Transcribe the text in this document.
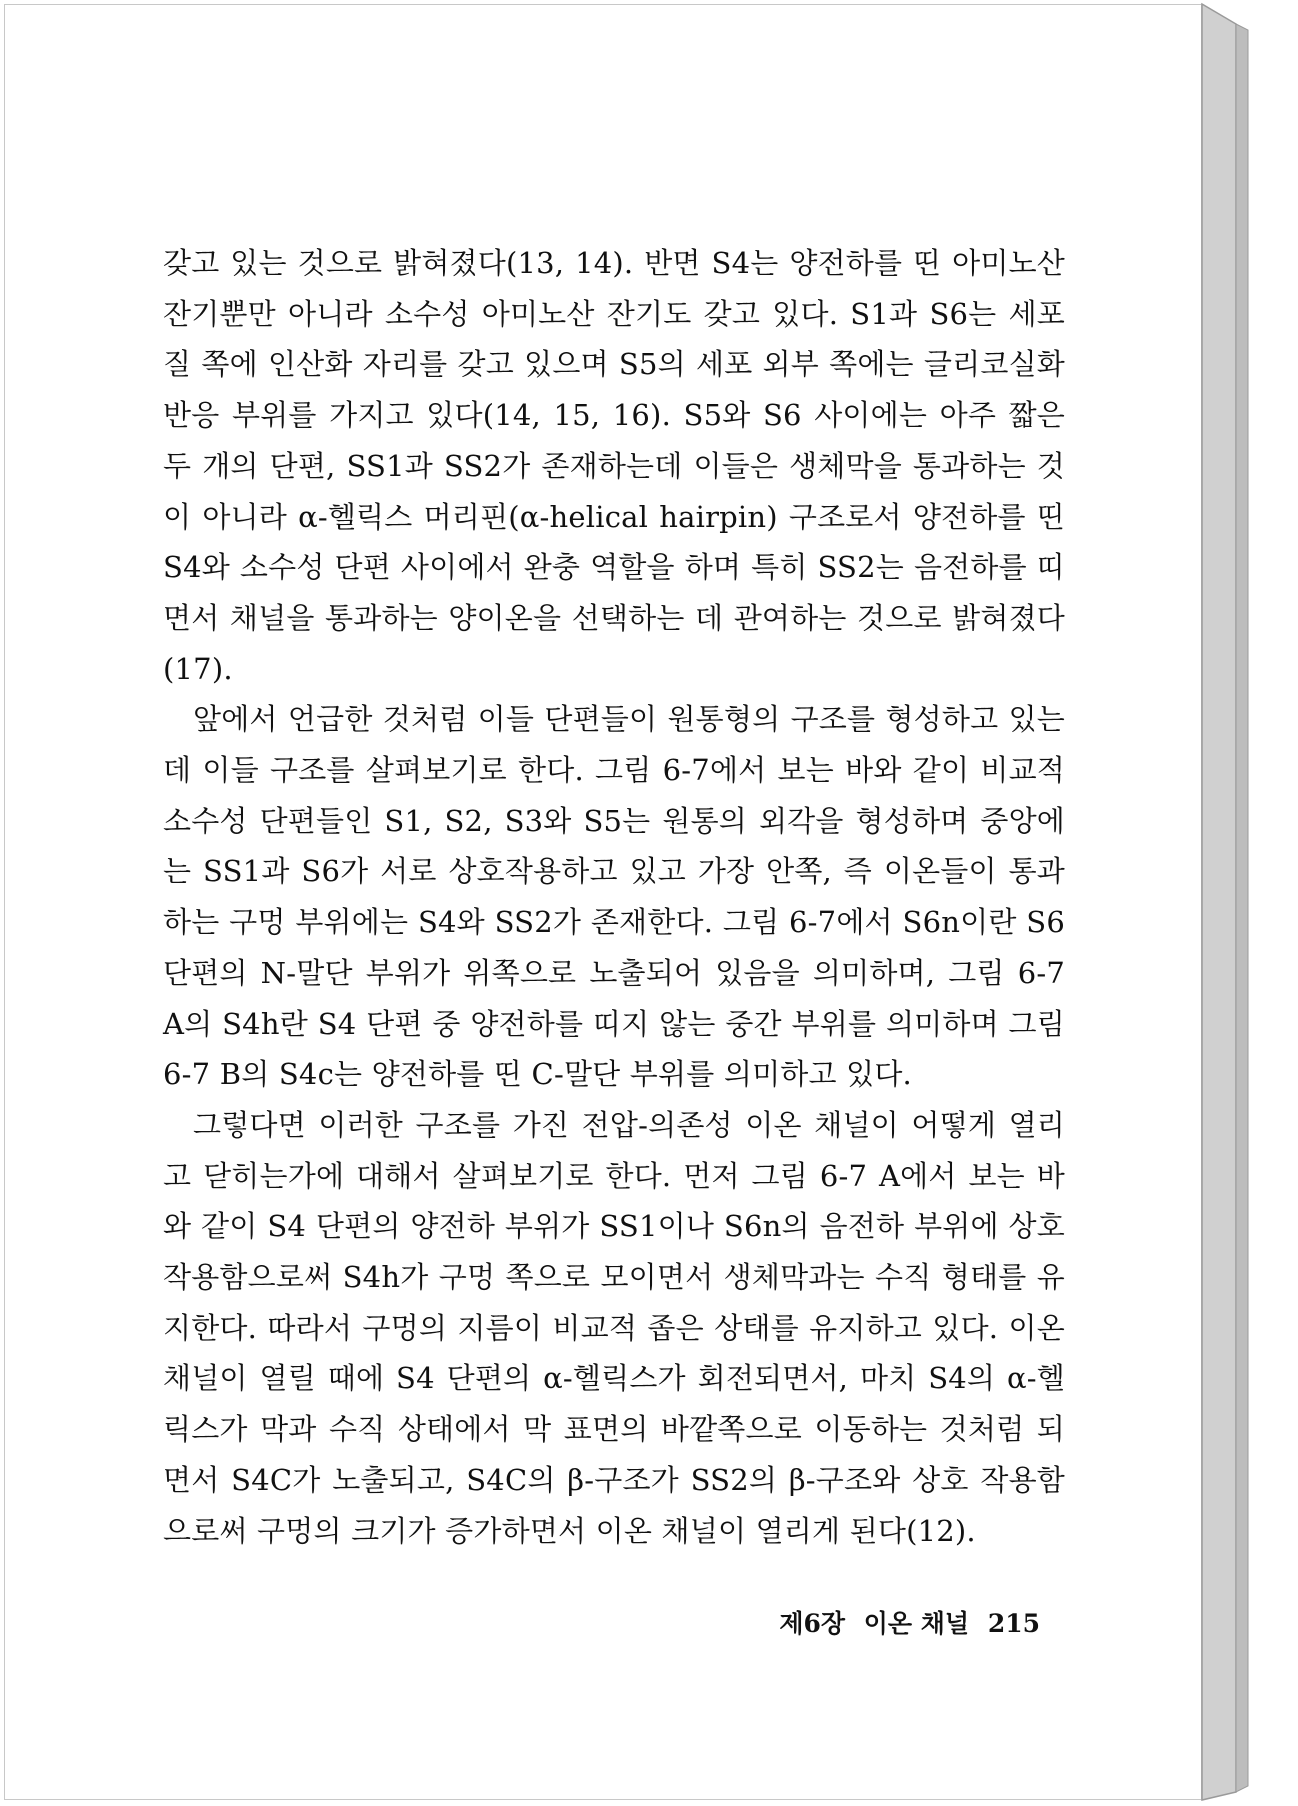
갖고 있는 것으로 밝혀졌다(13, 14). 반면 S4는 양전하를 띤 아미노산 잔기뿐만 아니라 소수성 아미노산 잔기도 갖고 있다. S1과 S6는 세포질 쪽에 인산화 자리를 갖고 있으며 S5의 세포 외부 쪽에는 글리코실화 반응 부위를 가지고 있다(14, 15, 16). S5와 S6 사이에는 아주 짧은 두 개의 단편, SS1과 SS2가 존재하는데 이들은 생체막을 통과하는 것이 아니라 α-헬릭스 머리핀(α-helical hairpin) 구조로서 양전하를 띤 S4와 소수성 단편 사이에서 완충 역할을 하며 특히 SS2는 음전하를 띠면서 채널을 통과하는 양이온을 선택하는 데 관여하는 것으로 밝혀졌다(17).

앞에서 언급한 것처럼 이들 단편들이 원통형의 구조를 형성하고 있는데 이들 구조를 살펴보기로 한다. 그림 6-7에서 보는 바와 같이 비교적 소수성 단편들인 S1, S2, S3와 S5는 원통의 외각을 형성하며 중앙에는 SS1과 S6가 서로 상호작용하고 있고 가장 안쪽, 즉 이온들이 통과하는 구멍 부위에는 S4와 SS2가 존재한다. 그림 6-7에서 S6n이란 S6 단편의 N-말단 부위가 위쪽으로 노출되어 있음을 의미하며, 그림 6-7 A의 S4h란 S4 단편 중 양전하를 띠지 않는 중간 부위를 의미하며 그림 6-7 B의 S4c는 양전하를 띤 C-말단 부위를 의미하고 있다.

그렇다면 이러한 구조를 가진 전압-의존성 이온 채널이 어떻게 열리고 닫히는가에 대해서 살펴보기로 한다. 먼저 그림 6-7 A에서 보는 바와 같이 S4 단편의 양전하 부위가 SS1이나 S6n의 음전하 부위에 상호작용함으로써 S4h가 구멍 쪽으로 모이면서 생체막과는 수직 형태를 유지한다. 따라서 구멍의 지름이 비교적 좁은 상태를 유지하고 있다. 이온 채널이 열릴 때에 S4 단편의 α-헬릭스가 회전되면서, 마치 S4의 α-헬릭스가 막과 수직 상태에서 막 표면의 바깥쪽으로 이동하는 것처럼 되면서 S4C가 노출되고, S4C의 β-구조가 SS2의 β-구조와 상호 작용함으로써 구멍의 크기가 증가하면서 이온 채널이 열리게 된다(12).

제6장 이온 채널 215
